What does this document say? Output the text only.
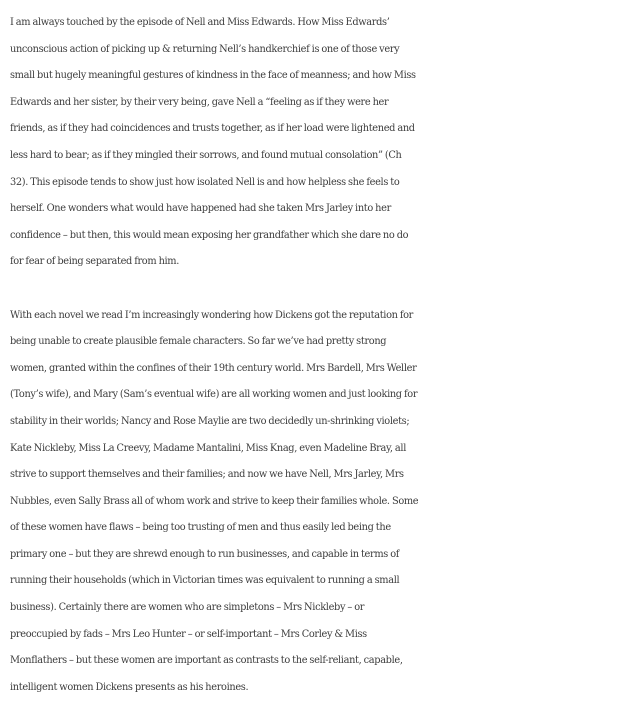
I am always touched by the episode of Nell and Miss Edwards. How Miss Edwards’
unconscious action of picking up & returning Nell’s handkerchief is one of those very
small but hugely meaningful gestures of kindness in the face of meanness; and how Miss
Edwards and her sister, by their very being, gave Nell a “feeling as if they were her
friends, as if they had coincidences and trusts together, as if her load were lightened and
less hard to bear; as if they mingled their sorrows, and found mutual consolation” (Ch
32). This episode tends to show just how isolated Nell is and how helpless she feels to
herself. One wonders what would have happened had she taken Mrs Jarley into her
confidence – but then, this would mean exposing her grandfather which she dare no do
for fear of being separated from him.

With each novel we read I’m increasingly wondering how Dickens got the reputation for
being unable to create plausible female characters. So far we’ve had pretty strong
women, granted within the confines of their 19th century world. Mrs Bardell, Mrs Weller
(Tony’s wife), and Mary (Sam’s eventual wife) are all working women and just looking for
stability in their worlds; Nancy and Rose Maylie are two decidedly un-shrinking violets;
Kate Nickleby, Miss La Creevy, Madame Mantalini, Miss Knag, even Madeline Bray, all
strive to support themselves and their families; and now we have Nell, Mrs Jarley, Mrs
Nubbles, even Sally Brass all of whom work and strive to keep their families whole. Some
of these women have flaws – being too trusting of men and thus easily led being the
primary one – but they are shrewd enough to run businesses, and capable in terms of
running their households (which in Victorian times was equivalent to running a small
business). Certainly there are women who are simpletons – Mrs Nickleby – or
preoccupied by fads – Mrs Leo Hunter – or self-important – Mrs Corley & Miss
Monflathers – but these women are important as contrasts to the self-reliant, capable,
intelligent women Dickens presents as his heroines.
